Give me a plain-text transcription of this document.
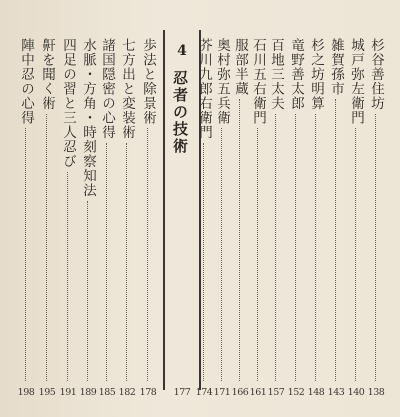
杉谷善住坊
138
城戸弥左衛門
140
雑賀孫市
143
杉之坊明算
148
竜野善太郎
152
百地三太夫
157
石川五右衛門
161
服部半蔵
166
奥村弥五兵衛
171
芥川九郎右衛門
174
4
忍者の技術
177
歩法と除景術
178
七方出と変装術
182
諸国隠密の心得
185
水脈・方角・時刻察知法
189
四足の習と三人忍び
191
鼾を聞く術
195
陣中忍の心得
198
